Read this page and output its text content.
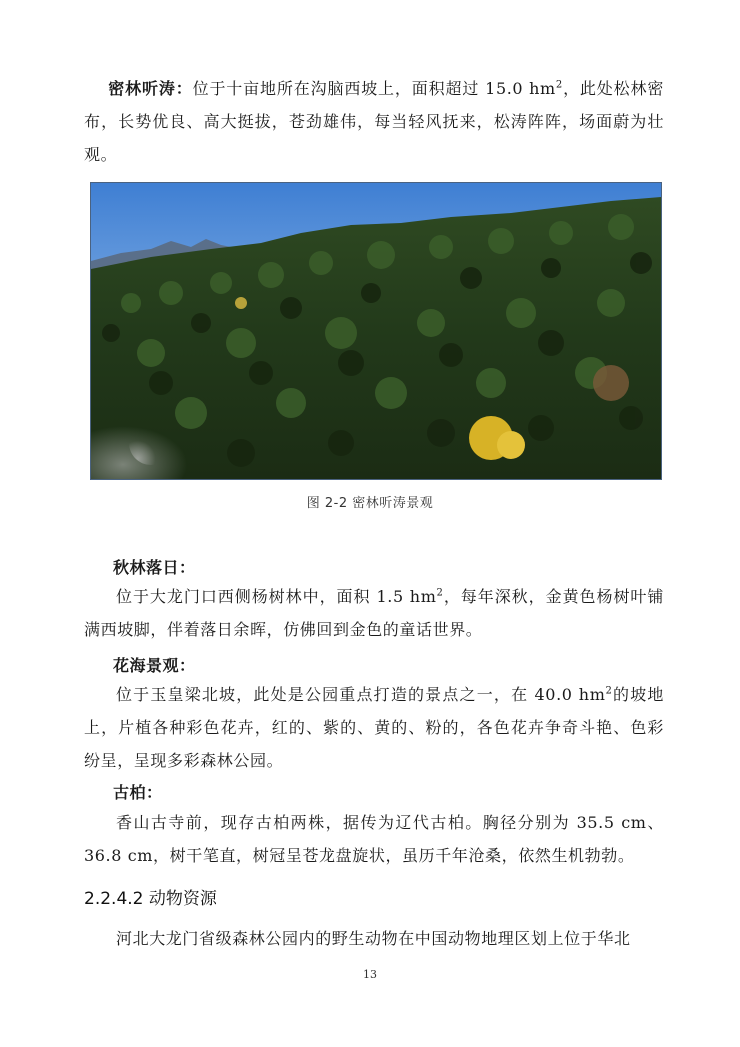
密林听涛：位于十亩地所在沟脑西坡上，面积超过 15.0 $hm^2$，此处松林密布，长势优良、高大挺拔，苍劲雄伟，每当轻风抚来，松涛阵阵，场面蔚为壮观。
图 2-2 密林听涛景观
秋林落日：
位于大龙门口西侧杨树林中，面积 1.5 $hm^2$，每年深秋，金黄色杨树叶铺满西坡脚，伴着落日余晖，仿佛回到金色的童话世界。
花海景观：
位于玉皇梁北坡，此处是公园重点打造的景点之一，在 40.0 $hm^2$的坡地上，片植各种彩色花卉，红的、紫的、黄的、粉的，各色花卉争奇斗艳、色彩纷呈，呈现多彩森林公园。
古柏：
香山古寺前，现存古柏两株，据传为辽代古柏。胸径分别为 35.5 cm、36.8 cm，树干笔直，树冠呈苍龙盘旋状，虽历千年沧桑，依然生机勃勃。
2.2.4.2 动物资源
河北大龙门省级森林公园内的野生动物在中国动物地理区划上位于华北
13
